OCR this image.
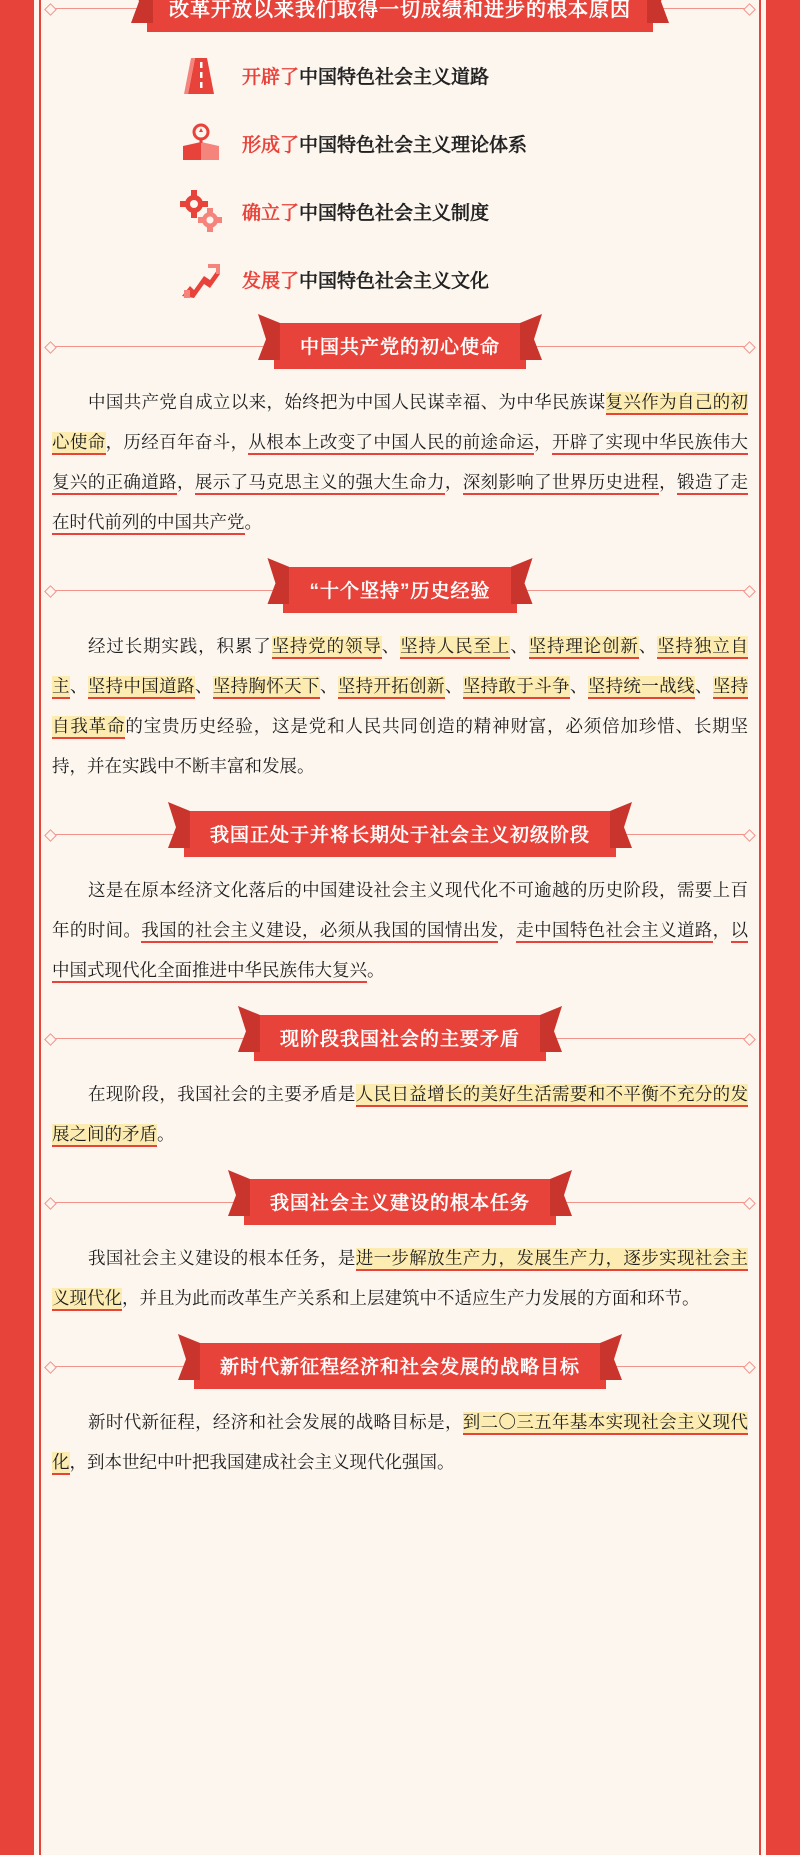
改革开放以来我们取得一切成绩和进步的根本原因
开辟了中国特色社会主义道路
形成了中国特色社会主义理论体系
确立了中国特色社会主义制度
发展了中国特色社会主义文化
中国共产党的初心使命

中国共产党自成立以来，始终把为中国人民谋幸福、为中华民族谋复兴作为自己的初心使命，历经百年奋斗，从根本上改变了中国人民的前途命运，开辟了实现中华民族伟大复兴的正确道路，展示了马克思主义的强大生命力，深刻影响了世界历史进程，锻造了走在时代前列的中国共产党。

“十个坚持”历史经验

经过长期实践，积累了坚持党的领导、坚持人民至上、坚持理论创新、坚持独立自主、坚持中国道路、坚持胸怀天下、坚持开拓创新、坚持敢于斗争、坚持统一战线、坚持自我革命的宝贵历史经验，这是党和人民共同创造的精神财富，必须倍加珍惜、长期坚持，并在实践中不断丰富和发展。

我国正处于并将长期处于社会主义初级阶段

这是在原本经济文化落后的中国建设社会主义现代化不可逾越的历史阶段，需要上百年的时间。我国的社会主义建设，必须从我国的国情出发，走中国特色社会主义道路，以中国式现代化全面推进中华民族伟大复兴。

现阶段我国社会的主要矛盾

在现阶段，我国社会的主要矛盾是人民日益增长的美好生活需要和不平衡不充分的发展之间的矛盾。

我国社会主义建设的根本任务

我国社会主义建设的根本任务，是进一步解放生产力，发展生产力，逐步实现社会主义现代化，并且为此而改革生产关系和上层建筑中不适应生产力发展的方面和环节。

新时代新征程经济和社会发展的战略目标

新时代新征程，经济和社会发展的战略目标是，到二〇三五年基本实现社会主义现代化，到本世纪中叶把我国建成社会主义现代化强国。
